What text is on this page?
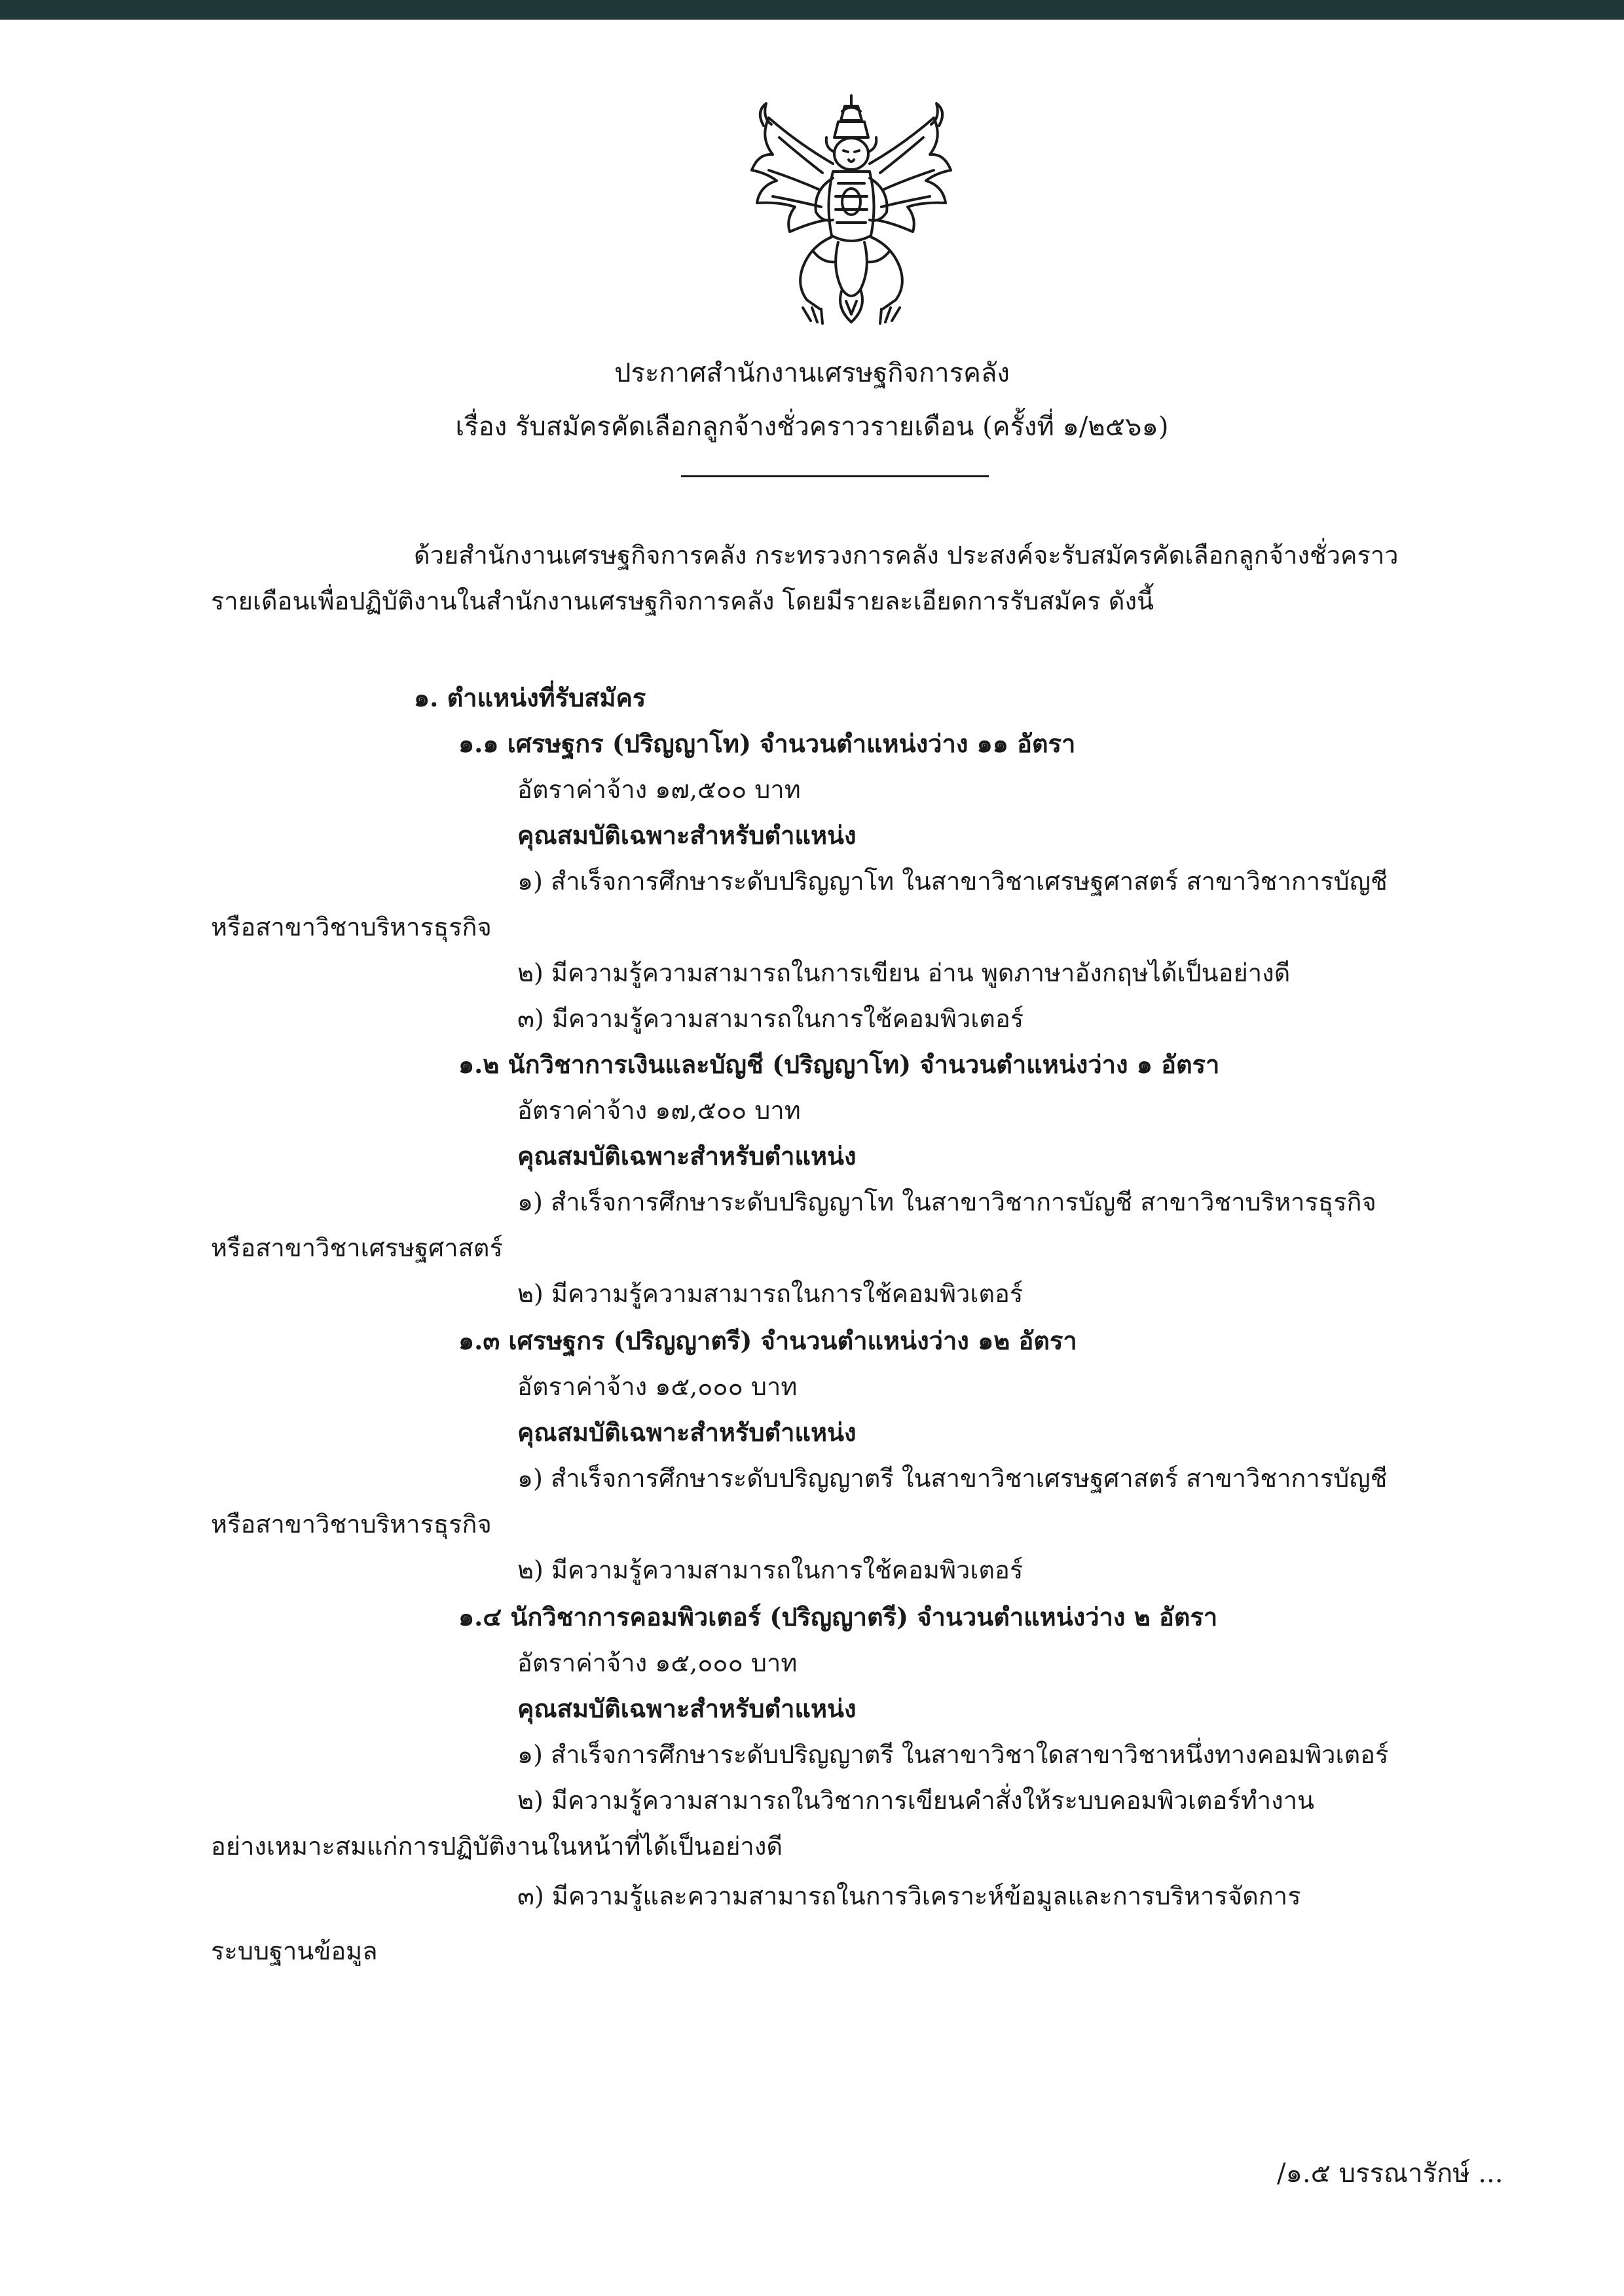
ประกาศสำนักงานเศรษฐกิจการคลัง
เรื่อง รับสมัครคัดเลือกลูกจ้างชั่วคราวรายเดือน (ครั้งที่ ๑/๒๕๖๑)
ด้วยสำนักงานเศรษฐกิจการคลัง กระทรวงการคลัง ประสงค์จะรับสมัครคัดเลือกลูกจ้างชั่วคราว
รายเดือนเพื่อปฏิบัติงานในสำนักงานเศรษฐกิจการคลัง โดยมีรายละเอียดการรับสมัคร ดังนี้
๑. ตำแหน่งที่รับสมัคร
๑.๑ เศรษฐกร (ปริญญาโท) จำนวนตำแหน่งว่าง ๑๑ อัตรา
อัตราค่าจ้าง ๑๗,๕๐๐ บาท
คุณสมบัติเฉพาะสำหรับตำแหน่ง
๑) สำเร็จการศึกษาระดับปริญญาโท ในสาขาวิชาเศรษฐศาสตร์ สาขาวิชาการบัญชี
หรือสาขาวิชาบริหารธุรกิจ
๒) มีความรู้ความสามารถในการเขียน อ่าน พูดภาษาอังกฤษได้เป็นอย่างดี
๓) มีความรู้ความสามารถในการใช้คอมพิวเตอร์
๑.๒ นักวิชาการเงินและบัญชี (ปริญญาโท) จำนวนตำแหน่งว่าง ๑ อัตรา
อัตราค่าจ้าง ๑๗,๕๐๐ บาท
คุณสมบัติเฉพาะสำหรับตำแหน่ง
๑) สำเร็จการศึกษาระดับปริญญาโท ในสาขาวิชาการบัญชี สาขาวิชาบริหารธุรกิจ
หรือสาขาวิชาเศรษฐศาสตร์
๒) มีความรู้ความสามารถในการใช้คอมพิวเตอร์
๑.๓ เศรษฐกร (ปริญญาตรี) จำนวนตำแหน่งว่าง ๑๒ อัตรา
อัตราค่าจ้าง ๑๕,๐๐๐ บาท
คุณสมบัติเฉพาะสำหรับตำแหน่ง
๑) สำเร็จการศึกษาระดับปริญญาตรี ในสาขาวิชาเศรษฐศาสตร์ สาขาวิชาการบัญชี
หรือสาขาวิชาบริหารธุรกิจ
๒) มีความรู้ความสามารถในการใช้คอมพิวเตอร์
๑.๔ นักวิชาการคอมพิวเตอร์ (ปริญญาตรี) จำนวนตำแหน่งว่าง ๒ อัตรา
อัตราค่าจ้าง ๑๕,๐๐๐ บาท
คุณสมบัติเฉพาะสำหรับตำแหน่ง
๑) สำเร็จการศึกษาระดับปริญญาตรี ในสาขาวิชาใดสาขาวิชาหนึ่งทางคอมพิวเตอร์
๒) มีความรู้ความสามารถในวิชาการเขียนคำสั่งให้ระบบคอมพิวเตอร์ทำงาน
อย่างเหมาะสมแก่การปฏิบัติงานในหน้าที่ได้เป็นอย่างดี
๓) มีความรู้และความสามารถในการวิเคราะห์ข้อมูลและการบริหารจัดการ
ระบบฐานข้อมูล
/๑.๕ บรรณารักษ์ ...
